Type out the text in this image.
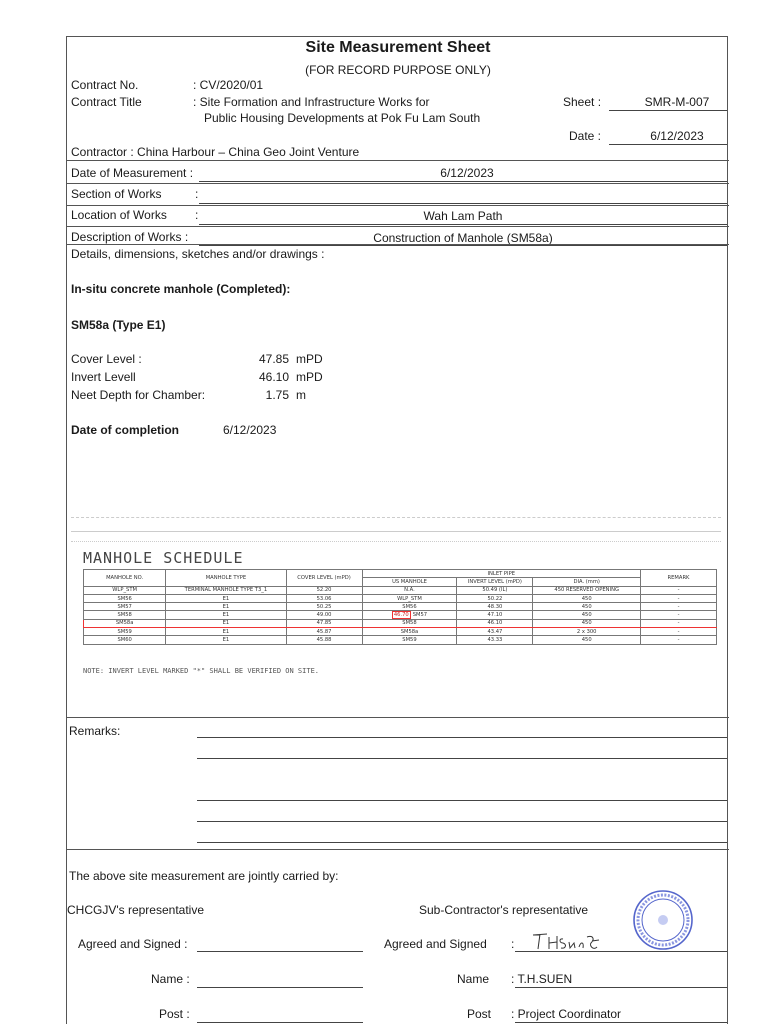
Site Measurement Sheet
(FOR RECORD PURPOSE ONLY)
Contract No.	: CV/2020/01
Contract Title	: Site Formation and Infrastructure Works for
Public Housing Developments at Pok Fu Lam South
Sheet :	SMR-M-007
Date :	6/12/2023
Contractor : China Harbour – China Geo Joint Venture
Date of Measurement :	6/12/2023
Section of Works	:
Location of Works :	Wah Lam Path
Description of Works :	Construction of Manhole (SM58a)
Details, dimensions, sketches and/or drawings :
In-situ concrete manhole (Completed):
SM58a (Type E1)
Cover Level :	47.85 mPD
Invert Levell	46.10 mPD
Neet Depth for Chamber:	1.75 m
Date of completion	6/12/2023
MANHOLE SCHEDULE
MANHOLE NO.	MANHOLE TYPE	COVER LEVEL (mPD)	INLET PIPE			REMARK
			US MANHOLE	INVERT LEVEL (mPD)	DIA. (mm)	
WLP_STM	TERMINAL MANHOLE TYPE T3_1	52.20	N.A.	50.49 (IL)	450 RESERVED OPENING	-
SM56	E1	53.06	WLP_STM	50.22	450	-
SM57	E1	50.25	SM56	48.30	450	-
SM58	E1	49.00	46.70 SM57	47.10	450	-
SM58a	E1	47.85	SM58	46.10	450	-
SM59	E1	45.87	SM58a	43.47	2 x 300	-
SM60	E1	45.88	SM59	43.33	450	-
NOTE: INVERT LEVEL MARKED "*" SHALL BE VERIFIED ON SITE.
Remarks:
The above site measurement are jointly carried by:
CHCGJV's representative	Sub-Contractor's representative
Agreed and Signed :	Agreed and Signed :
Name :	Name : T.H.SUEN
Post :	Post : Project Coordinator
